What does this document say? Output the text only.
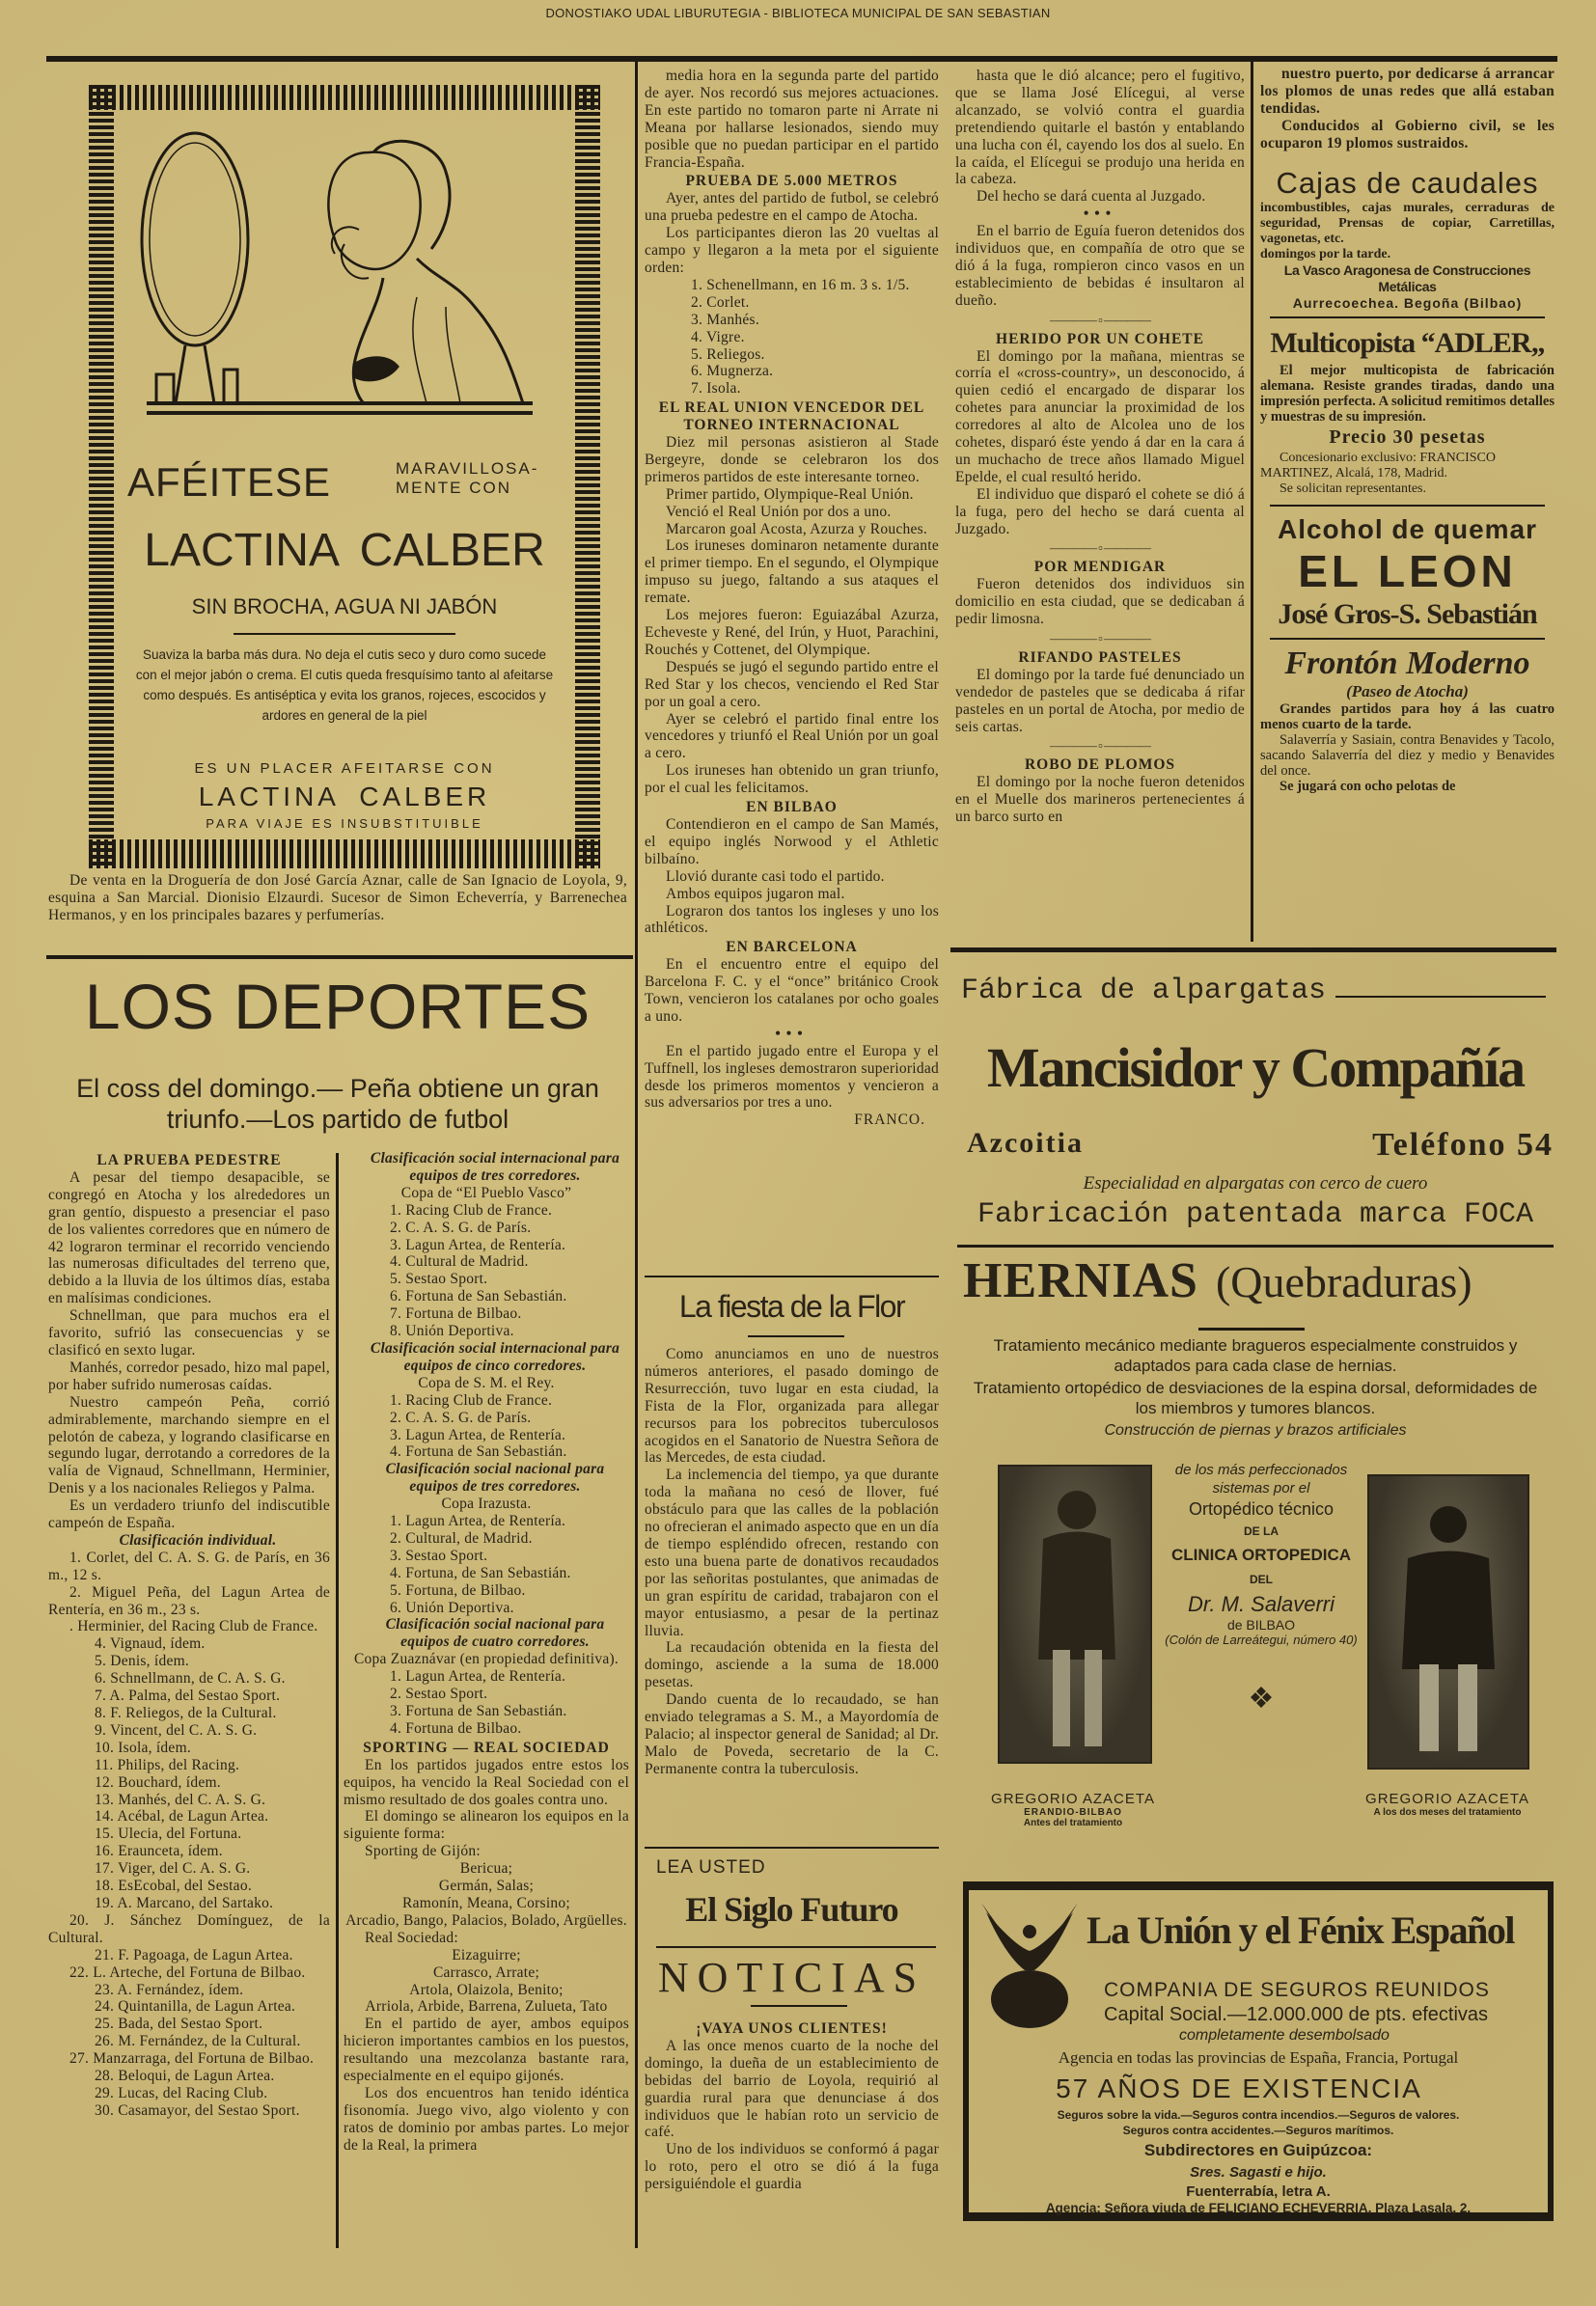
DONOSTIAKO UDAL LIBURUTEGIA - BIBLIOTECA MUNICIPAL DE SAN SEBASTIAN
AFÉITESE	MARAVILLOSA-MENTE CON
LACTINA CALBER
SIN BROCHA, AGUA NI JABÓN
Suaviza la barba más dura. No deja el cutis seco y duro como sucede con el mejor jabón o crema. El cutis queda fresquísimo tanto al afeitarse como después. Es antiséptica y evita los granos, rojeces, escocidos y ardores en general de la piel
ES UN PLACER AFEITARSE CON
LACTINA CALBER
PARA VIAJE ES INSUBSTITUIBLE
De venta en la Droguería de don José García Aznar, calle de San Ignacio de Loyola, 9, esquina a San Marcial. Dionisio Elzaurdi. Sucesor de Simon Echeverría, y Barrenechea Hermanos, y en los principales bazares y perfumerías.
LOS DEPORTES
El coss del domingo.— Peña obtiene un gran triunfo.—Los partido de futbol
LA PRUEBA PEDESTRE

A pesar del tiempo desapacible, se congregó en Atocha y los alrededores un gran gentío, dispuesto a presenciar el paso de los valientes corredores que en número de 42 lograron terminar el recorrido venciendo las numerosas dificultades del terreno que, debido a la lluvia de los últimos días, estaba en malísimas condiciones.

Schnellman, que para muchos era el favorito, sufrió las consecuencias y se clasificó en sexto lugar.

Manhés, corredor pesado, hizo mal papel, por haber sufrido numerosas caídas.

Nuestro campeón Peña, corrió admirablemente, marchando siempre en el pelotón de cabeza, y logrando clasificarse en segundo lugar, derrotando a corredores de la valía de Vignaud, Schnellmann, Herminier, Denis y a los nacionales Reliegos y Palma.

Es un verdadero triunfo del indiscutible campeón de España.

Clasificación individual.

1. Corlet, del C. A. S. G. de París, en 36 m., 12 s.

2. Miguel Peña, del Lagun Artea de Rentería, en 36 m., 23 s.

. Herminier, del Racing Club de France.

4. Vignaud, ídem.
5. Denis, ídem.
6. Schnellmann, de C. A. S. G.
7. A. Palma, del Sestao Sport.
8. F. Reliegos, de la Cultural.
9. Vincent, del C. A. S. G.
10. Isola, ídem.
11. Philips, del Racing.
12. Bouchard, ídem.
13. Manhés, del C. A. S. G.
14. Acébal, de Lagun Artea.
15. Ulecia, del Fortuna.
16. Eraunceta, ídem.
17. Viger, del C. A. S. G.
18. EsEcobal, del Sestao.
19. A. Marcano, del Sartako.

20. J. Sánchez Domínguez, de la Cultural.

21. F. Pagoaga, de Lagun Artea.

22. L. Arteche, del Fortuna de Bilbao.

23. A. Fernández, ídem.
24. Quintanilla, de Lagun Artea.
25. Bada, del Sestao Sport.
26. M. Fernández, de la Cultural.

27. Manzarraga, del Fortuna de Bilbao.

28. Beloqui, de Lagun Artea.
29. Lucas, del Racing Club.
30. Casamayor, del Sestao Sport.
Clasificación social internacional para equipos de tres corredores.
Copa de “El Pueblo Vasco”
1. Racing Club de France.
2. C. A. S. G. de París.
3. Lagun Artea, de Rentería.
4. Cultural de Madrid.
5. Sestao Sport.
6. Fortuna de San Sebastián.
7. Fortuna de Bilbao.
8. Unión Deportiva.
Clasificación social internacional para equipos de cinco corredores.
Copa de S. M. el Rey.
1. Racing Club de France.
2. C. A. S. G. de París.
3. Lagun Artea, de Rentería.
4. Fortuna de San Sebastián.
Clasificación social nacional para equipos de tres corredores.
Copa Irazusta.
1. Lagun Artea, de Rentería.
2. Cultural, de Madrid.
3. Sestao Sport.
4. Fortuna, de San Sebastián.
5. Fortuna, de Bilbao.
6. Unión Deportiva.
Clasificación social nacional para equipos de cuatro corredores.
Copa Zuaznávar (en propiedad definitiva).
1. Lagun Artea, de Rentería.
2. Sestao Sport.
3. Fortuna de San Sebastián.
4. Fortuna de Bilbao.
SPORTING — REAL SOCIEDAD

En los partidos jugados entre estos los equipos, ha vencido la Real Sociedad con el mismo resultado de dos goales contra uno.

El domingo se alinearon los equipos en la siguiente forma:

Sporting de Gijón:

Bericua;
Germán, Salas;
Ramonín, Meana, Corsino;
Arcadio, Bango, Palacios, Bolado, Argüelles.

Real Sociedad:

Eizaguirre;
Carrasco, Arrate;
Artola, Olaizola, Benito;
Arriola, Arbide, Barrena, Zulueta, Tato

En el partido de ayer, ambos equipos hicieron importantes cambios en los puestos, resultando una mezcolanza bastante rara, especialmente en el equipo gijonés.

Los dos encuentros han tenido idéntica fisonomía. Juego vivo, algo violento y con ratos de dominio por ambas partes. Lo mejor de la Real, la primera

media hora en la segunda parte del partido de ayer. Nos recordó sus mejores actuaciones. En este partido no tomaron parte ni Arrate ni Meana por hallarse lesionados, siendo muy posible que no puedan participar en el partido Francia-España.

PRUEBA DE 5.000 METROS

Ayer, antes del partido de futbol, se celebró una prueba pedestre en el campo de Atocha.

Los participantes dieron las 20 vueltas al campo y llegaron a la meta por el siguiente orden:

1. Schenellmann, en 16 m. 3 s. 1/5.
2. Corlet.
3. Manhés.
4. Vigre.
5. Reliegos.
6. Mugnerza.
7. Isola.
EL REAL UNION VENCEDOR DEL TORNEO INTERNACIONAL

Diez mil personas asistieron al Stade Bergeyre, donde se celebraron los dos primeros partidos de este interesante torneo.

Primer partido, Olympique-Real Unión.

Venció el Real Unión por dos a uno.

Marcaron goal Acosta, Azurza y Rouches.

Los iruneses dominaron netamente durante el primer tiempo. En el segundo, el Olympique impuso su juego, faltando a sus ataques el remate.

Los mejores fueron: Eguiazábal Azurza, Echeveste y René, del Irún, y Huot, Parachini, Rouchés y Cottenet, del Olympique.

Después se jugó el segundo partido entre el Red Star y los checos, venciendo el Red Star por un goal a cero.

Ayer se celebró el partido final entre los vencedores y triunfó el Real Unión por un goal a cero.

Los iruneses han obtenido un gran triunfo, por el cual les felicitamos.

EN BILBAO

Contendieron en el campo de San Mamés, el equipo inglés Norwood y el Athletic bilbaíno.

Llovió durante casi todo el partido.

Ambos equipos jugaron mal.

Lograron dos tantos los ingleses y uno los athléticos.

EN BARCELONA

En el encuentro entre el equipo del Barcelona F. C. y el “once” británico Crook Town, vencieron los catalanes por ocho goales a uno.

•••

En el partido jugado entre el Europa y el Tuffnell, los ingleses demostraron superioridad desde los primeros momentos y vencieron a sus adversarios por tres a uno.

FRANCO.
La fiesta de la Flor

Como anunciamos en uno de nuestros números anteriores, el pasado domingo de Resurrección, tuvo lugar en esta ciudad, la Fista de la Flor, organizada para allegar recursos para los pobrecitos tuberculosos acogidos en el Sanatorio de Nuestra Señora de las Mercedes, de esta ciudad.

La inclemencia del tiempo, ya que durante toda la mañana no cesó de llover, fué obstáculo para que las calles de la población no ofrecieran el animado aspecto que en un día de tiempo espléndido ofrecen, restando con esto una buena parte de donativos recaudados por las señoritas postulantes, que animadas de un gran espíritu de caridad, trabajaron con el mayor entusiasmo, a pesar de la pertinaz lluvia.

La recaudación obtenida en la fiesta del domingo, asciende a la suma de 18.000 pesetas.

Dando cuenta de lo recaudado, se han enviado telegramas a S. M., a Mayordomía de Palacio; al inspector general de Sanidad; al Dr. Malo de Poveda, secretario de la C. Permanente contra la tuberculosis.

LEA USTED
El Siglo Futuro
NOTICIAS
¡VAYA UNOS CLIENTES!

A las once menos cuarto de la noche del domingo, la dueña de un establecimiento de bebidas del barrio de Loyola, requirió al guardia rural para que denunciase á dos individuos que le habían roto un servicio de café.

Uno de los individuos se conformó á pagar lo roto, pero el otro se dió á la fuga persiguiéndole el guardia

hasta que le dió alcance; pero el fugitivo, que se llama José Elícegui, al verse alcanzado, se volvió contra el guardia pretendiendo quitarle el bastón y entablando una lucha con él, cayendo los dos al suelo. En la caída, el Elícegui se produjo una herida en la cabeza.

Del hecho se dará cuenta al Juzgado.

•••

En el barrio de Eguía fueron detenidos dos individuos que, en compañía de otro que se dió á la fuga, rompieron cinco vasos en un establecimiento de bebidas é insultaron al dueño.

———— ▫ ————
HERIDO POR UN COHETE

El domingo por la mañana, mientras se corría el «cross-country», un desconocido, á quien cedió el encargado de disparar los cohetes para anunciar la proximidad de los corredores al alto de Alcolea uno de los cohetes, disparó éste yendo á dar en la cara á un muchacho de trece años llamado Miguel Epelde, el cual resultó herido.

El individuo que disparó el cohete se dió á la fuga, pero del hecho se dará cuenta al Juzgado.

———— ▫ ————
POR MENDIGAR

Fueron detenidos dos individuos sin domicilio en esta ciudad, que se dedicaban á pedir limosna.

———— ▫ ————
RIFANDO PASTELES

El domingo por la tarde fué denunciado un vendedor de pasteles que se dedicaba á rifar pasteles en un portal de Atocha, por medio de seis cartas.

———— ▫ ————
ROBO DE PLOMOS

El domingo por la noche fueron detenidos en el Muelle dos marineros pertenecientes á un barco surto en

nuestro puerto, por dedicarse á arrancar los plomos de unas redes que allá estaban tendidas.

Conducidos al Gobierno civil, se les ocuparon 19 plomos sustraidos.

Cajas de caudales
incombustibles, cajas murales, cerraduras de seguridad, Prensas de copiar, Carretillas, vagonetas, etc.
domingos por la tarde.
La Vasco Aragonesa de Construcciones Metálicas
Aurrecoechea. Begoña (Bilbao)
Multicopista “ADLER„
El mejor multicopista de fabricación alemana. Resiste grandes tiradas, dando una impresión perfecta. A solicitud remitimos detalles y muestras de su impresión.
Precio 30 pesetas
Concesionario exclusivo: FRANCISCO MARTINEZ, Alcalá, 178, Madrid.
Se solicitan representantes.
Alcohol de quemar
EL LEON
José Gros-S. Sebastián
Frontón Moderno
(Paseo de Atocha)
Grandes partidos para hoy á las cuatro menos cuarto de la tarde.
Salaverría y Sasiain, contra Benavides y Tacolo, sacando Salaverría del diez y medio y Benavides del once.
Se jugará con ocho pelotas de
Fábrica de alpargatas
Mancisidor y Compañía
Azcoitia	Teléfono 54
Especialidad en alpargatas con cerco de cuero
Fabricación patentada marca FOCA
HERNIAS (Quebraduras)
Tratamiento mecánico mediante bragueros especialmente construidos y adaptados para cada clase de hernias.
Tratamiento ortopédico de desviaciones de la espina dorsal, deformidades de los miembros y tumores blancos.
Construcción de piernas y brazos artificiales
de los más perfeccionados sistemas por el
Ortopédico técnico
DE LA
CLINICA ORTOPEDICA
DEL
Dr. M. Salaverri
de BILBAO
(Colón de Larreátegui, número 40)
❖
GREGORIO AZACETA
ERANDIO-BILBAO
Antes del tratamiento
GREGORIO AZACETA
A los dos meses del tratamiento
La Unión y el Fénix Español
COMPANIA DE SEGUROS REUNIDOS
Capital Social.—12.000.000 de pts. efectivas
completamente desembolsado
Agencia en todas las provincias de España, Francia, Portugal
57 AÑOS DE EXISTENCIA
Seguros sobre la vida.—Seguros contra incendios.—Seguros de valores.
Seguros contra accidentes.—Seguros marítimos.
Subdirectores en Guipúzcoa:
Sres. Sagasti e hijo.
Fuenterrabía, letra A.
Agencia: Señora viuda de FELICIANO ECHEVERRIA, Plaza Lasala, 2.
